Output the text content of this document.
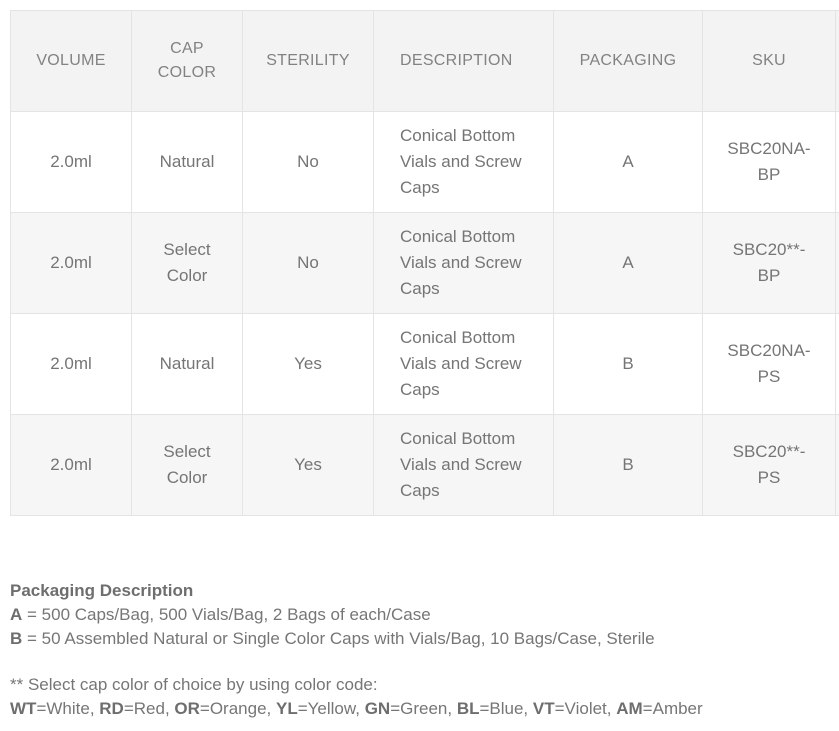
VOLUME	CAP COLOR	STERILITY	DESCRIPTION	PACKAGING	SKU	
2.0ml	Natural	No	Conical Bottom Vials and Screw Caps	A	SBC20NA-BP	
2.0ml	Select Color	No	Conical Bottom Vials and Screw Caps	A	SBC20**-BP	
2.0ml	Natural	Yes	Conical Bottom Vials and Screw Caps	B	SBC20NA-PS	
2.0ml	Select Color	Yes	Conical Bottom Vials and Screw Caps	B	SBC20**-PS	

Packaging Description

A = 500 Caps/Bag, 500 Vials/Bag, 2 Bags of each/Case

B = 50 Assembled Natural or Single Color Caps with Vials/Bag, 10 Bags/Case, Sterile

** Select cap color of choice by using color code:

WT=White, RD=Red, OR=Orange, YL=Yellow, GN=Green, BL=Blue, VT=Violet, AM=Amber
